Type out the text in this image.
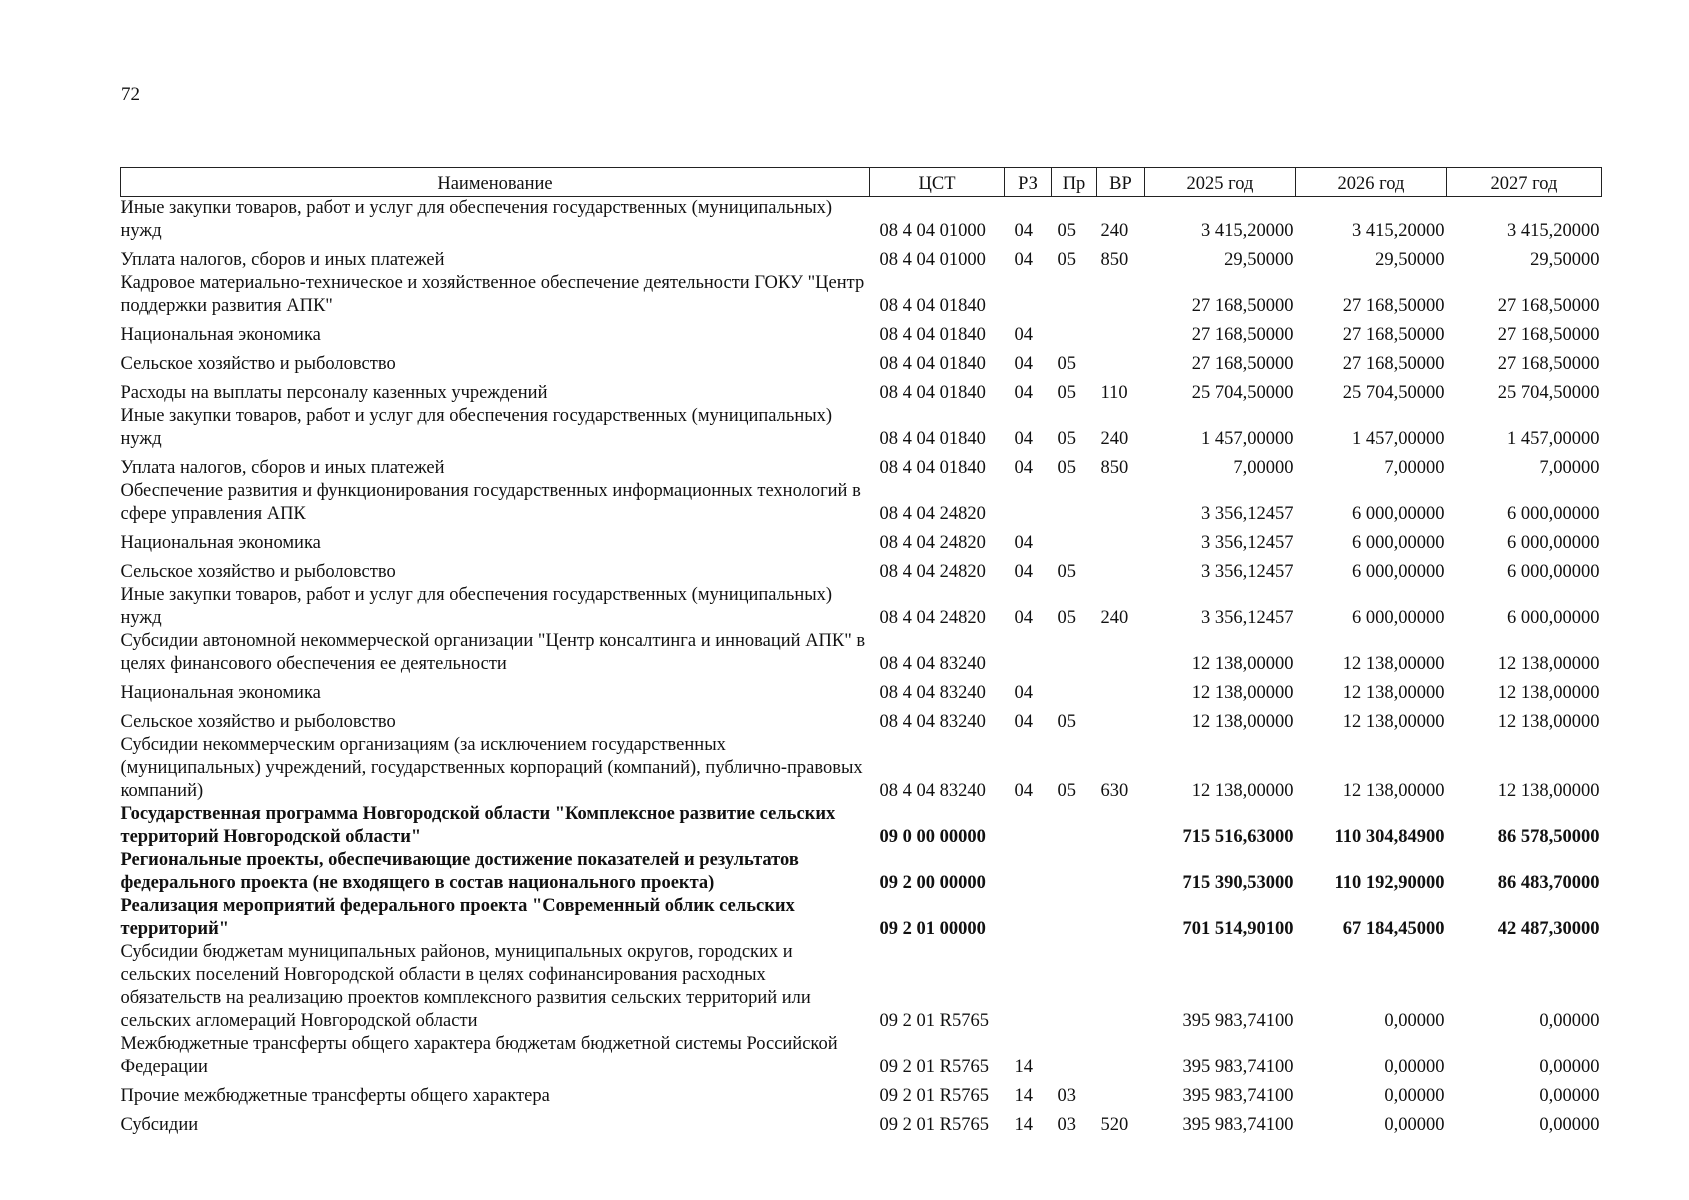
72
Наименование	ЦСТ	РЗ	Пр	ВР	2025 год	2026 год	2027 год
Иные закупки товаров, работ и услуг для обеспечения государственных (муниципальных) нужд	08 4 04 01000	04	05	240	3 415,20000	3 415,20000	3 415,20000
Уплата налогов, сборов и иных платежей	08 4 04 01000	04	05	850	29,50000	29,50000	29,50000
Кадровое материально-техническое и хозяйственное обеспечение деятельности ГОКУ "Центр поддержки развития АПК"	08 4 04 01840				27 168,50000	27 168,50000	27 168,50000
Национальная экономика	08 4 04 01840	04			27 168,50000	27 168,50000	27 168,50000
Сельское хозяйство и рыболовство	08 4 04 01840	04	05		27 168,50000	27 168,50000	27 168,50000
Расходы на выплаты персоналу казенных учреждений	08 4 04 01840	04	05	110	25 704,50000	25 704,50000	25 704,50000
Иные закупки товаров, работ и услуг для обеспечения государственных (муниципальных) нужд	08 4 04 01840	04	05	240	1 457,00000	1 457,00000	1 457,00000
Уплата налогов, сборов и иных платежей	08 4 04 01840	04	05	850	7,00000	7,00000	7,00000
Обеспечение развития и функционирования государственных информационных технологий в сфере управления АПК	08 4 04 24820				3 356,12457	6 000,00000	6 000,00000
Национальная экономика	08 4 04 24820	04			3 356,12457	6 000,00000	6 000,00000
Сельское хозяйство и рыболовство	08 4 04 24820	04	05		3 356,12457	6 000,00000	6 000,00000
Иные закупки товаров, работ и услуг для обеспечения государственных (муниципальных) нужд	08 4 04 24820	04	05	240	3 356,12457	6 000,00000	6 000,00000
Субсидии автономной некоммерческой организации "Центр консалтинга и инноваций АПК" в целях финансового обеспечения ее деятельности	08 4 04 83240				12 138,00000	12 138,00000	12 138,00000
Национальная экономика	08 4 04 83240	04			12 138,00000	12 138,00000	12 138,00000
Сельское хозяйство и рыболовство	08 4 04 83240	04	05		12 138,00000	12 138,00000	12 138,00000
Субсидии некоммерческим организациям (за исключением государственных (муниципальных) учреждений, государственных корпораций (компаний), публично-правовых компаний)	08 4 04 83240	04	05	630	12 138,00000	12 138,00000	12 138,00000
Государственная программа Новгородской области "Комплексное развитие сельских территорий Новгородской области"	09 0 00 00000				715 516,63000	110 304,84900	86 578,50000
Региональные проекты, обеспечивающие достижение показателей и результатов федерального проекта (не входящего в состав национального проекта)	09 2 00 00000				715 390,53000	110 192,90000	86 483,70000
Реализация мероприятий федерального проекта "Современный облик сельских территорий"	09 2 01 00000				701 514,90100	67 184,45000	42 487,30000
Субсидии бюджетам муниципальных районов, муниципальных округов, городских и сельских поселений Новгородской области в целях софинансирования расходных обязательств на реализацию проектов комплексного развития сельских территорий или сельских агломераций Новгородской области	09 2 01 R5765				395 983,74100	0,00000	0,00000
Межбюджетные трансферты общего характера бюджетам бюджетной системы Российской Федерации	09 2 01 R5765	14			395 983,74100	0,00000	0,00000
Прочие межбюджетные трансферты общего характера	09 2 01 R5765	14	03		395 983,74100	0,00000	0,00000
Субсидии	09 2 01 R5765	14	03	520	395 983,74100	0,00000	0,00000
